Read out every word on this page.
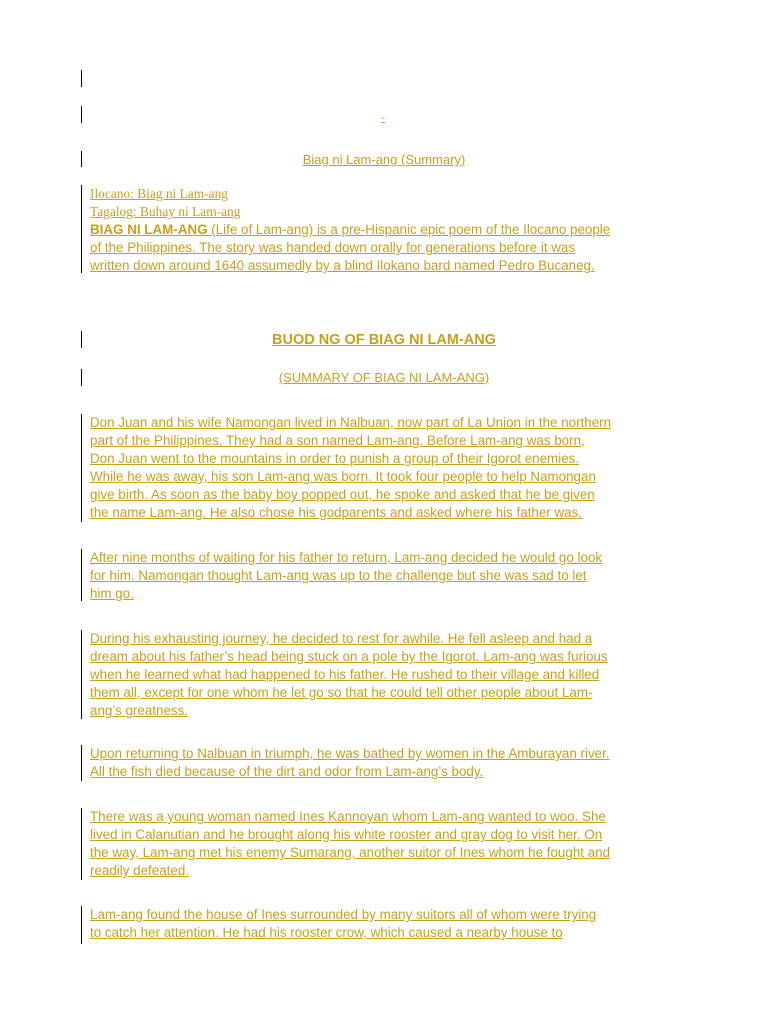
-
Biag ni Lam-ang (Summary)
Ilocano: Biag ni Lam-ang
Tagalog: Buhay ni Lam-ang
BIAG NI LAM-ANG (Life of Lam-ang) is a pre-Hispanic epic poem of the Ilocano people
of the Philippines. The story was handed down orally for generations before it was
written down around 1640 assumedly by a blind Ilokano bard named Pedro Bucaneg.
BUOD NG OF BIAG NI LAM-ANG
(SUMMARY OF BIAG NI LAM-ANG)
Don Juan and his wife Namongan lived in Nalbuan, now part of La Union in the northern
part of the Philippines. They had a son named Lam-ang. Before Lam-ang was born,
Don Juan went to the mountains in order to punish a group of their Igorot enemies.
While he was away, his son Lam-ang was born. It took four people to help Namongan
give birth. As soon as the baby boy popped out, he spoke and asked that he be given
the name Lam-ang. He also chose his godparents and asked where his father was.
After nine months of waiting for his father to return, Lam-ang decided he would go look
for him. Namongan thought Lam-ang was up to the challenge but she was sad to let
him go.
During his exhausting journey, he decided to rest for awhile. He fell asleep and had a
dream about his father’s head being stuck on a pole by the Igorot. Lam-ang was furious
when he learned what had happened to his father. He rushed to their village and killed
them all, except for one whom he let go so that he could tell other people about Lam-
ang’s greatness.
Upon returning to Nalbuan in triumph, he was bathed by women in the Amburayan river.
All the fish died because of the dirt and odor from Lam-ang’s body.
There was a young woman named Ines Kannoyan whom Lam-ang wanted to woo. She
lived in Calanutian and he brought along his white rooster and gray dog to visit her. On
the way, Lam-ang met his enemy Sumarang, another suitor of Ines whom he fought and
readily defeated.
Lam-ang found the house of Ines surrounded by many suitors all of whom were trying
to catch her attention. He had his rooster crow, which caused a nearby house to
